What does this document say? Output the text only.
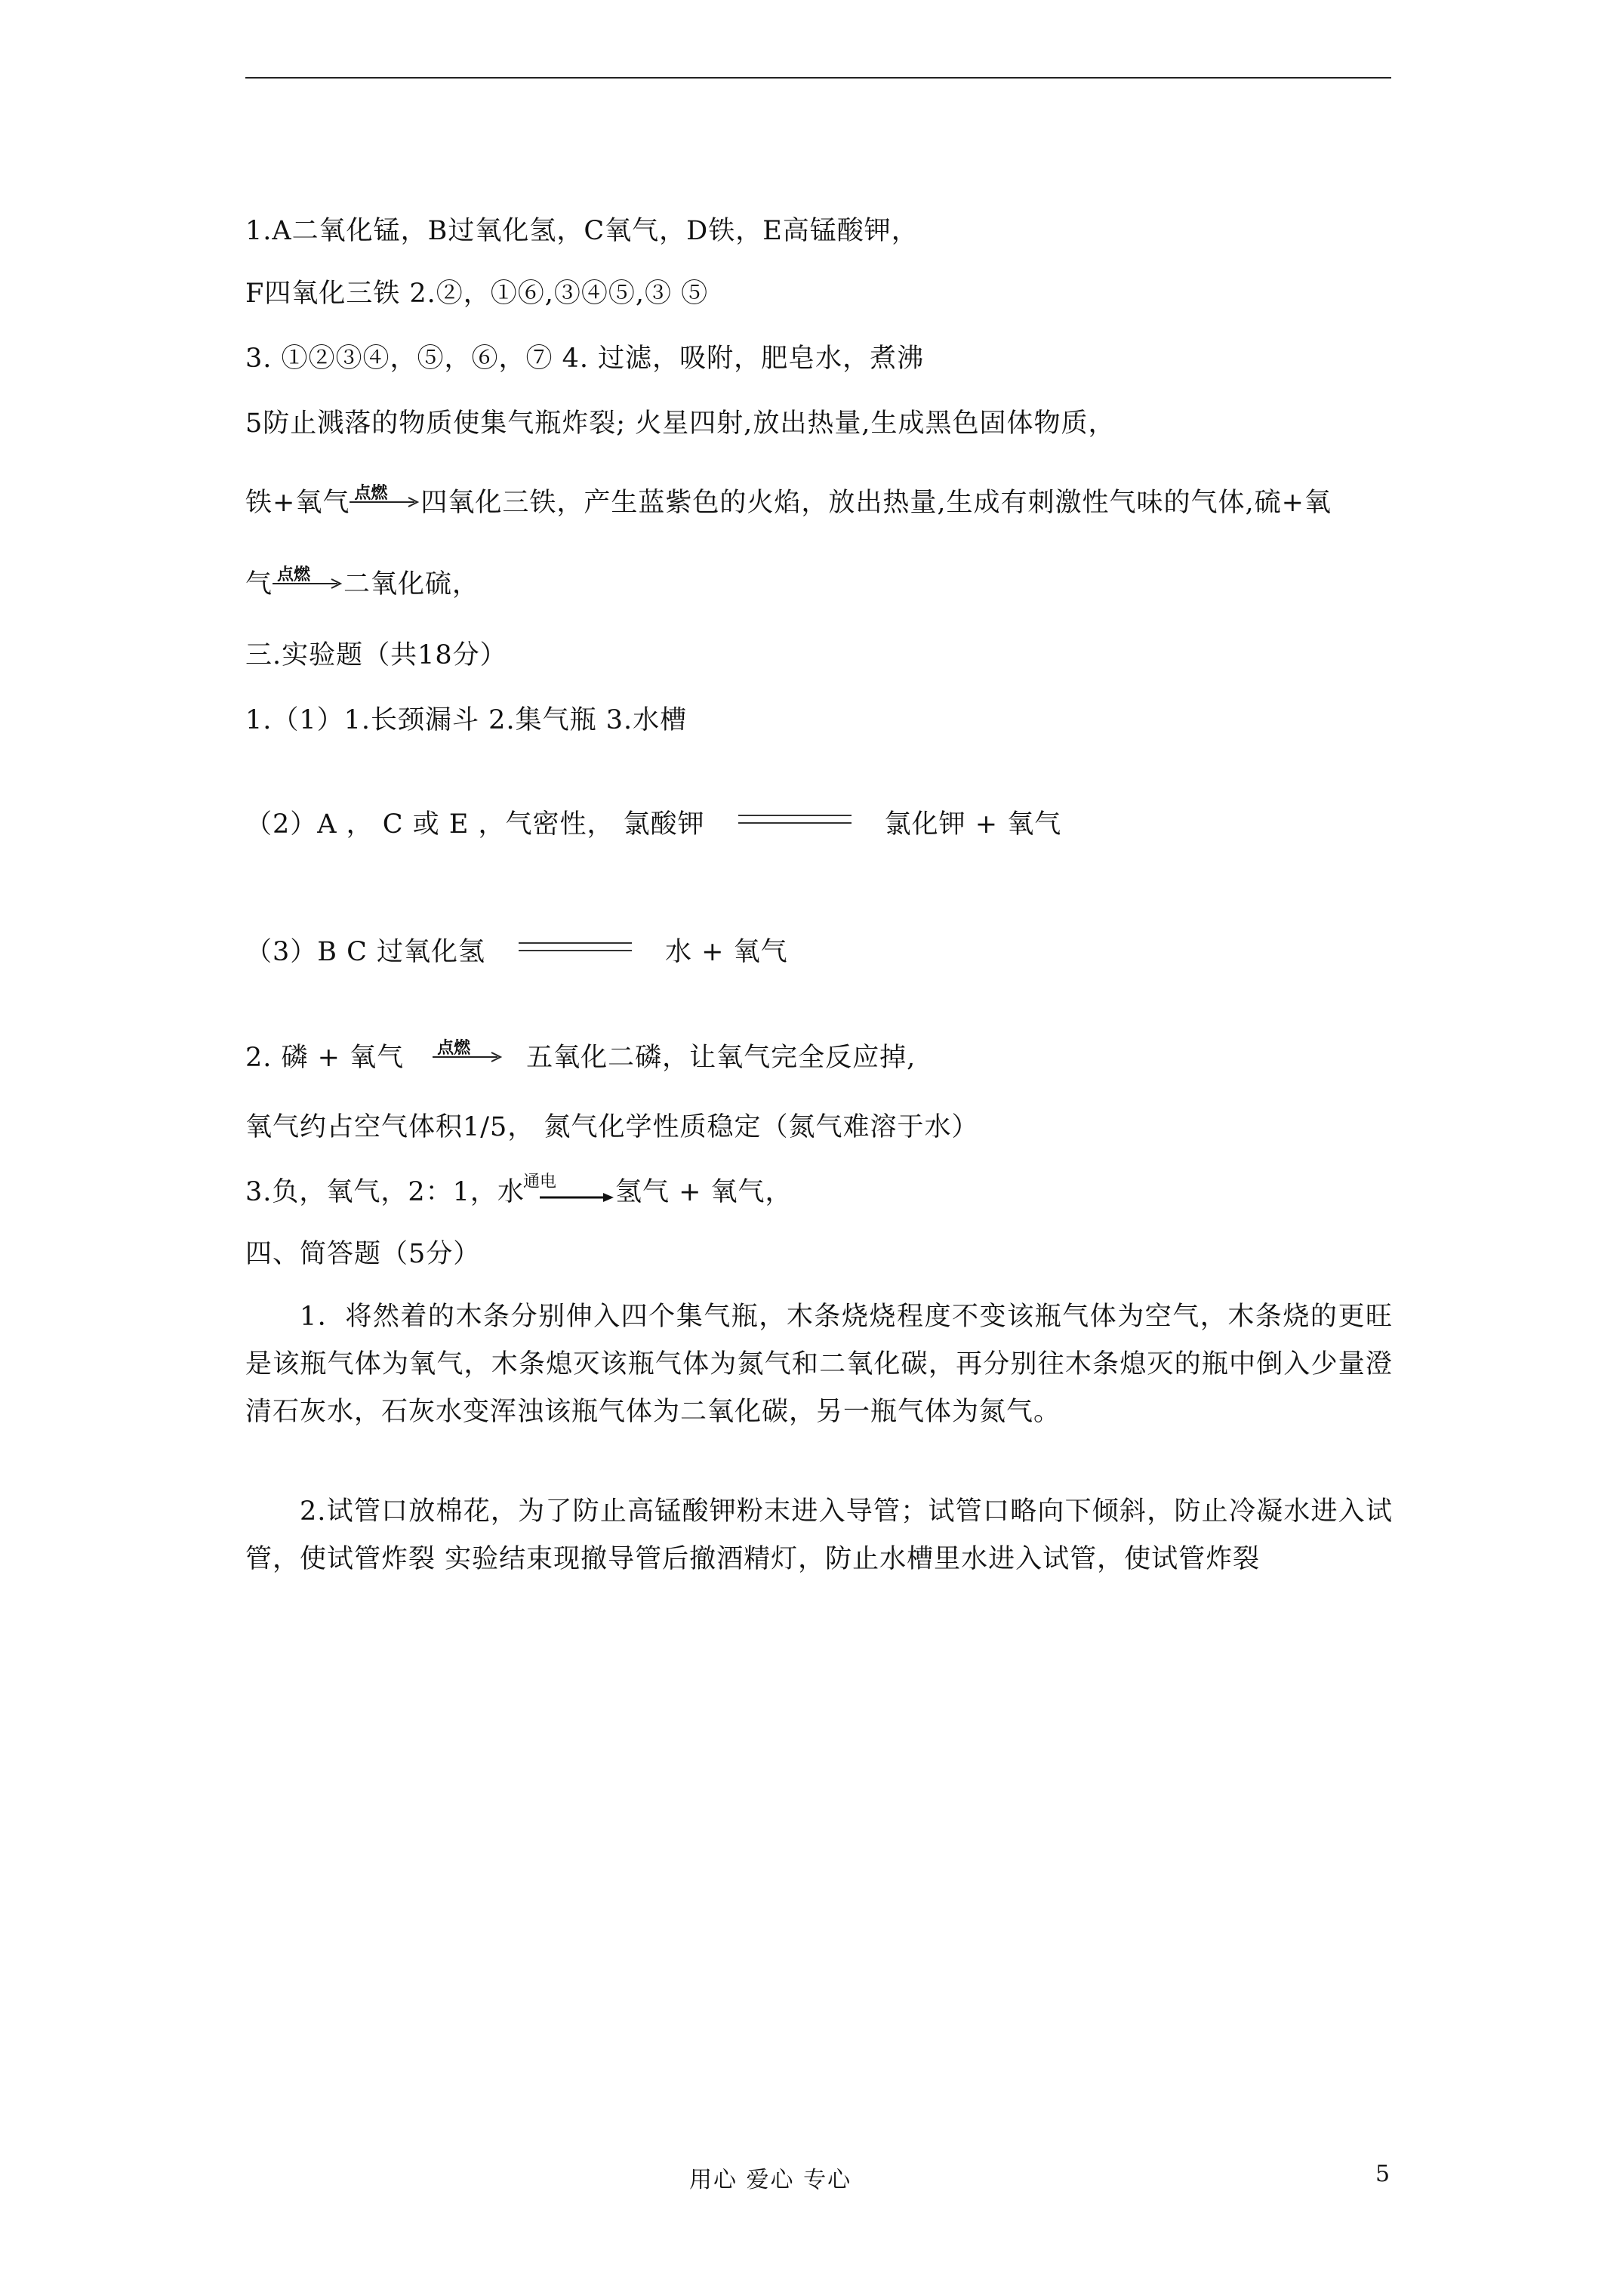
1.A二氧化锰，B过氧化氢，C氧气，D铁，E高锰酸钾，
F四氧化三铁 2.②，①⑥,③④⑤,③ ⑤
3. ①②③④，⑤，⑥，⑦ 4. 过滤，吸附，肥皂水，煮沸
5防止溅落的物质使集气瓶炸裂; 火星四射,放出热量,生成黑色固体物质，
铁+氧气 点燃 四氧化三铁，产生蓝紫色的火焰，放出热量,生成有刺激性气味的气体,硫+氧
气 点燃 二氧化硫，
三.实验题（共18分）
1.（1）1.长颈漏斗 2.集气瓶 3.水槽
（2）A ， C 或 E ，气密性， 氯酸钾	氯化钾 + 氧气
（3）B C 过氧化氢	水 + 氧气
2. 磷 + 氧气 点燃 五氧化二磷，让氧气完全反应掉,
氧气约占空气体积1/5， 氮气化学性质稳定（氮气难溶于水）
3.负，氧气，2：1，水
通电 氢气 + 氧气，
四、简答题（5分）
1．将然着的木条分别伸入四个集气瓶，木条烧烧程度不变该瓶气体为空气，木条烧的更旺是该瓶气体为氧气，木条熄灭该瓶气体为氮气和二氧化碳，再分别往木条熄灭的瓶中倒入少量澄清石灰水，石灰水变浑浊该瓶气体为二氧化碳，另一瓶气体为氮气。
2.试管口放棉花，为了防止高锰酸钾粉末进入导管；试管口略向下倾斜，防止冷凝水进入试管，使试管炸裂 实验结束现撤导管后撤酒精灯，防止水槽里水进入试管，使试管炸裂
用心 爱心 专心	5
